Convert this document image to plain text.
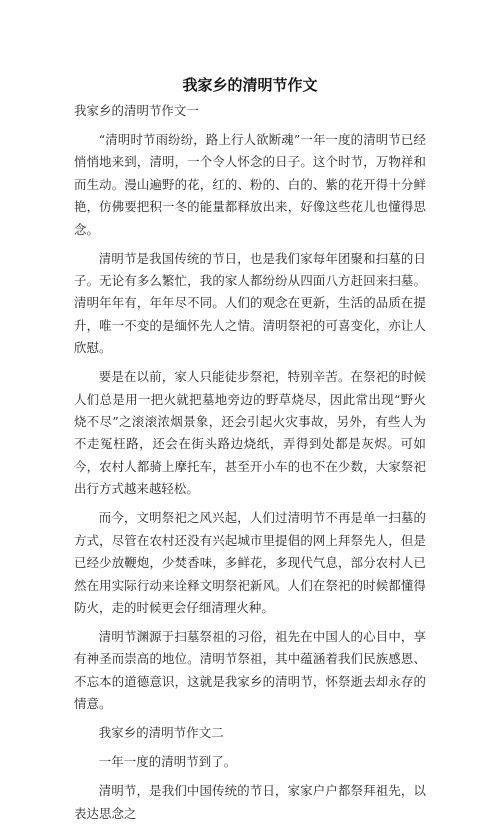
我家乡的清明节作文

我家乡的清明节作文一

“清明时节雨纷纷，路上行人欲断魂”一年一度的清明节已经悄悄地来到，清明，一个令人怀念的日子。这个时节，万物祥和而生动。漫山遍野的花，红的、粉的、白的、紫的花开得十分鲜艳，仿佛要把积一冬的能量都释放出来，好像这些花儿也懂得思念。

清明节是我国传统的节日，也是我们家每年团聚和扫墓的日子。无论有多么繁忙，我的家人都纷纷从四面八方赶回来扫墓。清明年年有，年年尽不同。人们的观念在更新，生活的品质在提升，唯一不变的是缅怀先人之情。清明祭祀的可喜变化，亦让人欣慰。

要是在以前，家人只能徒步祭祀，特别辛苦。在祭祀的时候人们总是用一把火就把墓地旁边的野草烧尽，因此常出现“野火烧不尽”之滚滚浓烟景象，还会引起火灾事故，另外，有些人为不走冤枉路，还会在街头路边烧纸，弄得到处都是灰烬。可如今，农村人都骑上摩托车，甚至开小车的也不在少数，大家祭祀出行方式越来越轻松。

而今，文明祭祀之风兴起，人们过清明节不再是单一扫墓的方式，尽管在农村还没有兴起城市里提倡的网上拜祭先人，但是已经少放鞭炮，少焚香味，多鲜花，多现代气息，部分农村人已然在用实际行动来诠释文明祭祀新风。人们在祭祀的时候都懂得防火，走的时候更会仔细清理火种。

清明节渊源于扫墓祭祖的习俗，祖先在中国人的心目中，享有神圣而崇高的地位。清明节祭祖，其中蕴涵着我们民族感恩、不忘本的道德意识，这就是我家乡的清明节，怀祭逝去却永存的情意。

我家乡的清明节作文二

一年一度的清明节到了。

清明节，是我们中国传统的节日，家家户户都祭拜祖先，以表达思念之
